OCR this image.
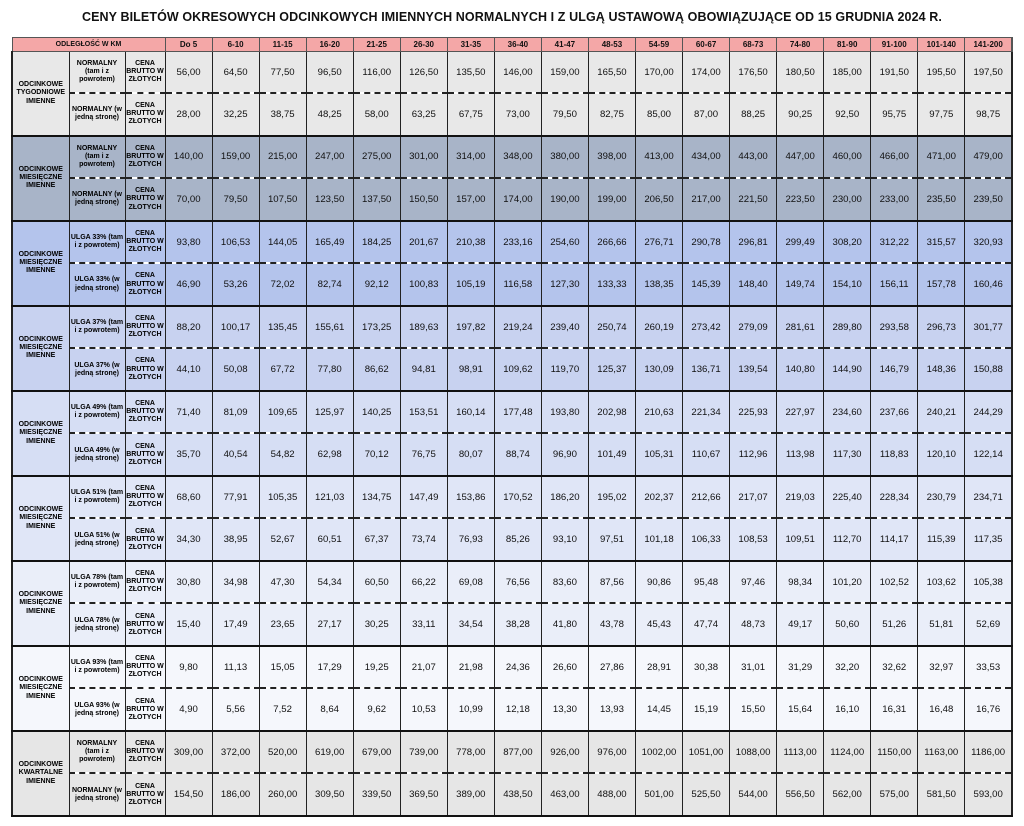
CENY BILETÓW OKRESOWYCH ODCINKOWYCH IMIENNYCH NORMALNYCH I Z ULGĄ USTAWOWĄ OBOWIĄZUJĄCE OD 15 GRUDNIA 2024 R.
ODLEGŁOŚĆ W KM			Do 5	6-10	11-15	16-20	21-25	26-30	31-35	36-40	41-47	48-53	54-59	60-67	68-73	74-80	81-90	91-100	101-140	141-200
ODCINKOWE TYGODNIOWE IMIENNE	NORMALNY (tam i z powrotem)	CENA BRUTTO W ZŁOTYCH	56,00	64,50	77,50	96,50	116,00	126,50	135,50	146,00	159,00	165,50	170,00	174,00	176,50	180,50	185,00	191,50	195,50	197,50
	NORMALNY (w jedną stronę)	CENA BRUTTO W ZŁOTYCH	28,00	32,25	38,75	48,25	58,00	63,25	67,75	73,00	79,50	82,75	85,00	87,00	88,25	90,25	92,50	95,75	97,75	98,75
ODCINKOWE MIESIĘCZNE IMIENNE	NORMALNY (tam i z powrotem)	CENA BRUTTO W ZŁOTYCH	140,00	159,00	215,00	247,00	275,00	301,00	314,00	348,00	380,00	398,00	413,00	434,00	443,00	447,00	460,00	466,00	471,00	479,00
	NORMALNY (w jedną stronę)	CENA BRUTTO W ZŁOTYCH	70,00	79,50	107,50	123,50	137,50	150,50	157,00	174,00	190,00	199,00	206,50	217,00	221,50	223,50	230,00	233,00	235,50	239,50
ODCINKOWE MIESIĘCZNE IMIENNE	ULGA 33% (tam i z powrotem)	CENA BRUTTO W ZŁOTYCH	93,80	106,53	144,05	165,49	184,25	201,67	210,38	233,16	254,60	266,66	276,71	290,78	296,81	299,49	308,20	312,22	315,57	320,93
	ULGA 33% (w jedną stronę)	CENA BRUTTO W ZŁOTYCH	46,90	53,26	72,02	82,74	92,12	100,83	105,19	116,58	127,30	133,33	138,35	145,39	148,40	149,74	154,10	156,11	157,78	160,46
ODCINKOWE MIESIĘCZNE IMIENNE	ULGA 37% (tam i z powrotem)	CENA BRUTTO W ZŁOTYCH	88,20	100,17	135,45	155,61	173,25	189,63	197,82	219,24	239,40	250,74	260,19	273,42	279,09	281,61	289,80	293,58	296,73	301,77
	ULGA 37% (w jedną stronę)	CENA BRUTTO W ZŁOTYCH	44,10	50,08	67,72	77,80	86,62	94,81	98,91	109,62	119,70	125,37	130,09	136,71	139,54	140,80	144,90	146,79	148,36	150,88
ODCINKOWE MIESIĘCZNE IMIENNE	ULGA 49% (tam i z powrotem)	CENA BRUTTO W ZŁOTYCH	71,40	81,09	109,65	125,97	140,25	153,51	160,14	177,48	193,80	202,98	210,63	221,34	225,93	227,97	234,60	237,66	240,21	244,29
	ULGA 49% (w jedną stronę)	CENA BRUTTO W ZŁOTYCH	35,70	40,54	54,82	62,98	70,12	76,75	80,07	88,74	96,90	101,49	105,31	110,67	112,96	113,98	117,30	118,83	120,10	122,14
ODCINKOWE MIESIĘCZNE IMIENNE	ULGA 51% (tam i z powrotem)	CENA BRUTTO W ZŁOTYCH	68,60	77,91	105,35	121,03	134,75	147,49	153,86	170,52	186,20	195,02	202,37	212,66	217,07	219,03	225,40	228,34	230,79	234,71
	ULGA 51% (w jedną stronę)	CENA BRUTTO W ZŁOTYCH	34,30	38,95	52,67	60,51	67,37	73,74	76,93	85,26	93,10	97,51	101,18	106,33	108,53	109,51	112,70	114,17	115,39	117,35
ODCINKOWE MIESIĘCZNE IMIENNE	ULGA 78% (tam i z powrotem)	CENA BRUTTO W ZŁOTYCH	30,80	34,98	47,30	54,34	60,50	66,22	69,08	76,56	83,60	87,56	90,86	95,48	97,46	98,34	101,20	102,52	103,62	105,38
	ULGA 78% (w jedną stronę)	CENA BRUTTO W ZŁOTYCH	15,40	17,49	23,65	27,17	30,25	33,11	34,54	38,28	41,80	43,78	45,43	47,74	48,73	49,17	50,60	51,26	51,81	52,69
ODCINKOWE MIESIĘCZNE IMIENNE	ULGA 93% (tam i z powrotem)	CENA BRUTTO W ZŁOTYCH	9,80	11,13	15,05	17,29	19,25	21,07	21,98	24,36	26,60	27,86	28,91	30,38	31,01	31,29	32,20	32,62	32,97	33,53
	ULGA 93% (w jedną stronę)	CENA BRUTTO W ZŁOTYCH	4,90	5,56	7,52	8,64	9,62	10,53	10,99	12,18	13,30	13,93	14,45	15,19	15,50	15,64	16,10	16,31	16,48	16,76
ODCINKOWE KWARTALNE IMIENNE	NORMALNY (tam i z powrotem)	CENA BRUTTO W ZŁOTYCH	309,00	372,00	520,00	619,00	679,00	739,00	778,00	877,00	926,00	976,00	1002,00	1051,00	1088,00	1113,00	1124,00	1150,00	1163,00	1186,00
	NORMALNY (w jedną stronę)	CENA BRUTTO W ZŁOTYCH	154,50	186,00	260,00	309,50	339,50	369,50	389,00	438,50	463,00	488,00	501,00	525,50	544,00	556,50	562,00	575,00	581,50	593,00
